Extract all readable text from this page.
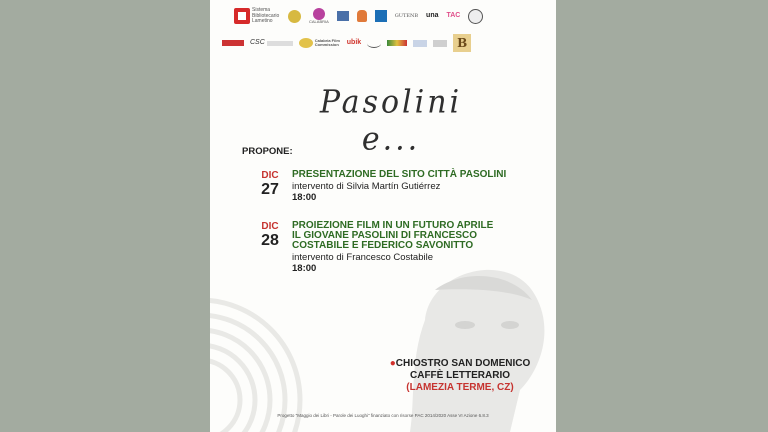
Sistema Bibliotecario Lametino	CALABRIA
GUTENB una TAC
CSC	Calabria Film Commission ubik	B
Pasolini e...
PROPONE:
DIC
27
PRESENTAZIONE DEL SITO CITTÀ PASOLINI
intervento di Silvia Martín Gutiérrez
18:00
DIC
28
PROIEZIONE FILM IN UN FUTURO APRILE
IL GIOVANE PASOLINI DI FRANCESCO
COSTABILE E FEDERICO SAVONITTO
intervento di Francesco Costabile
18:00
●CHIOSTRO SAN DOMENICO
CAFFÈ LETTERARIO
(LAMEZIA TERME, CZ)
Progetto "Maggio dei Libri - Parole dei Luoghi" finanziato con risorse PAC 2014/2020 Asse VI Azione 6.8.3
